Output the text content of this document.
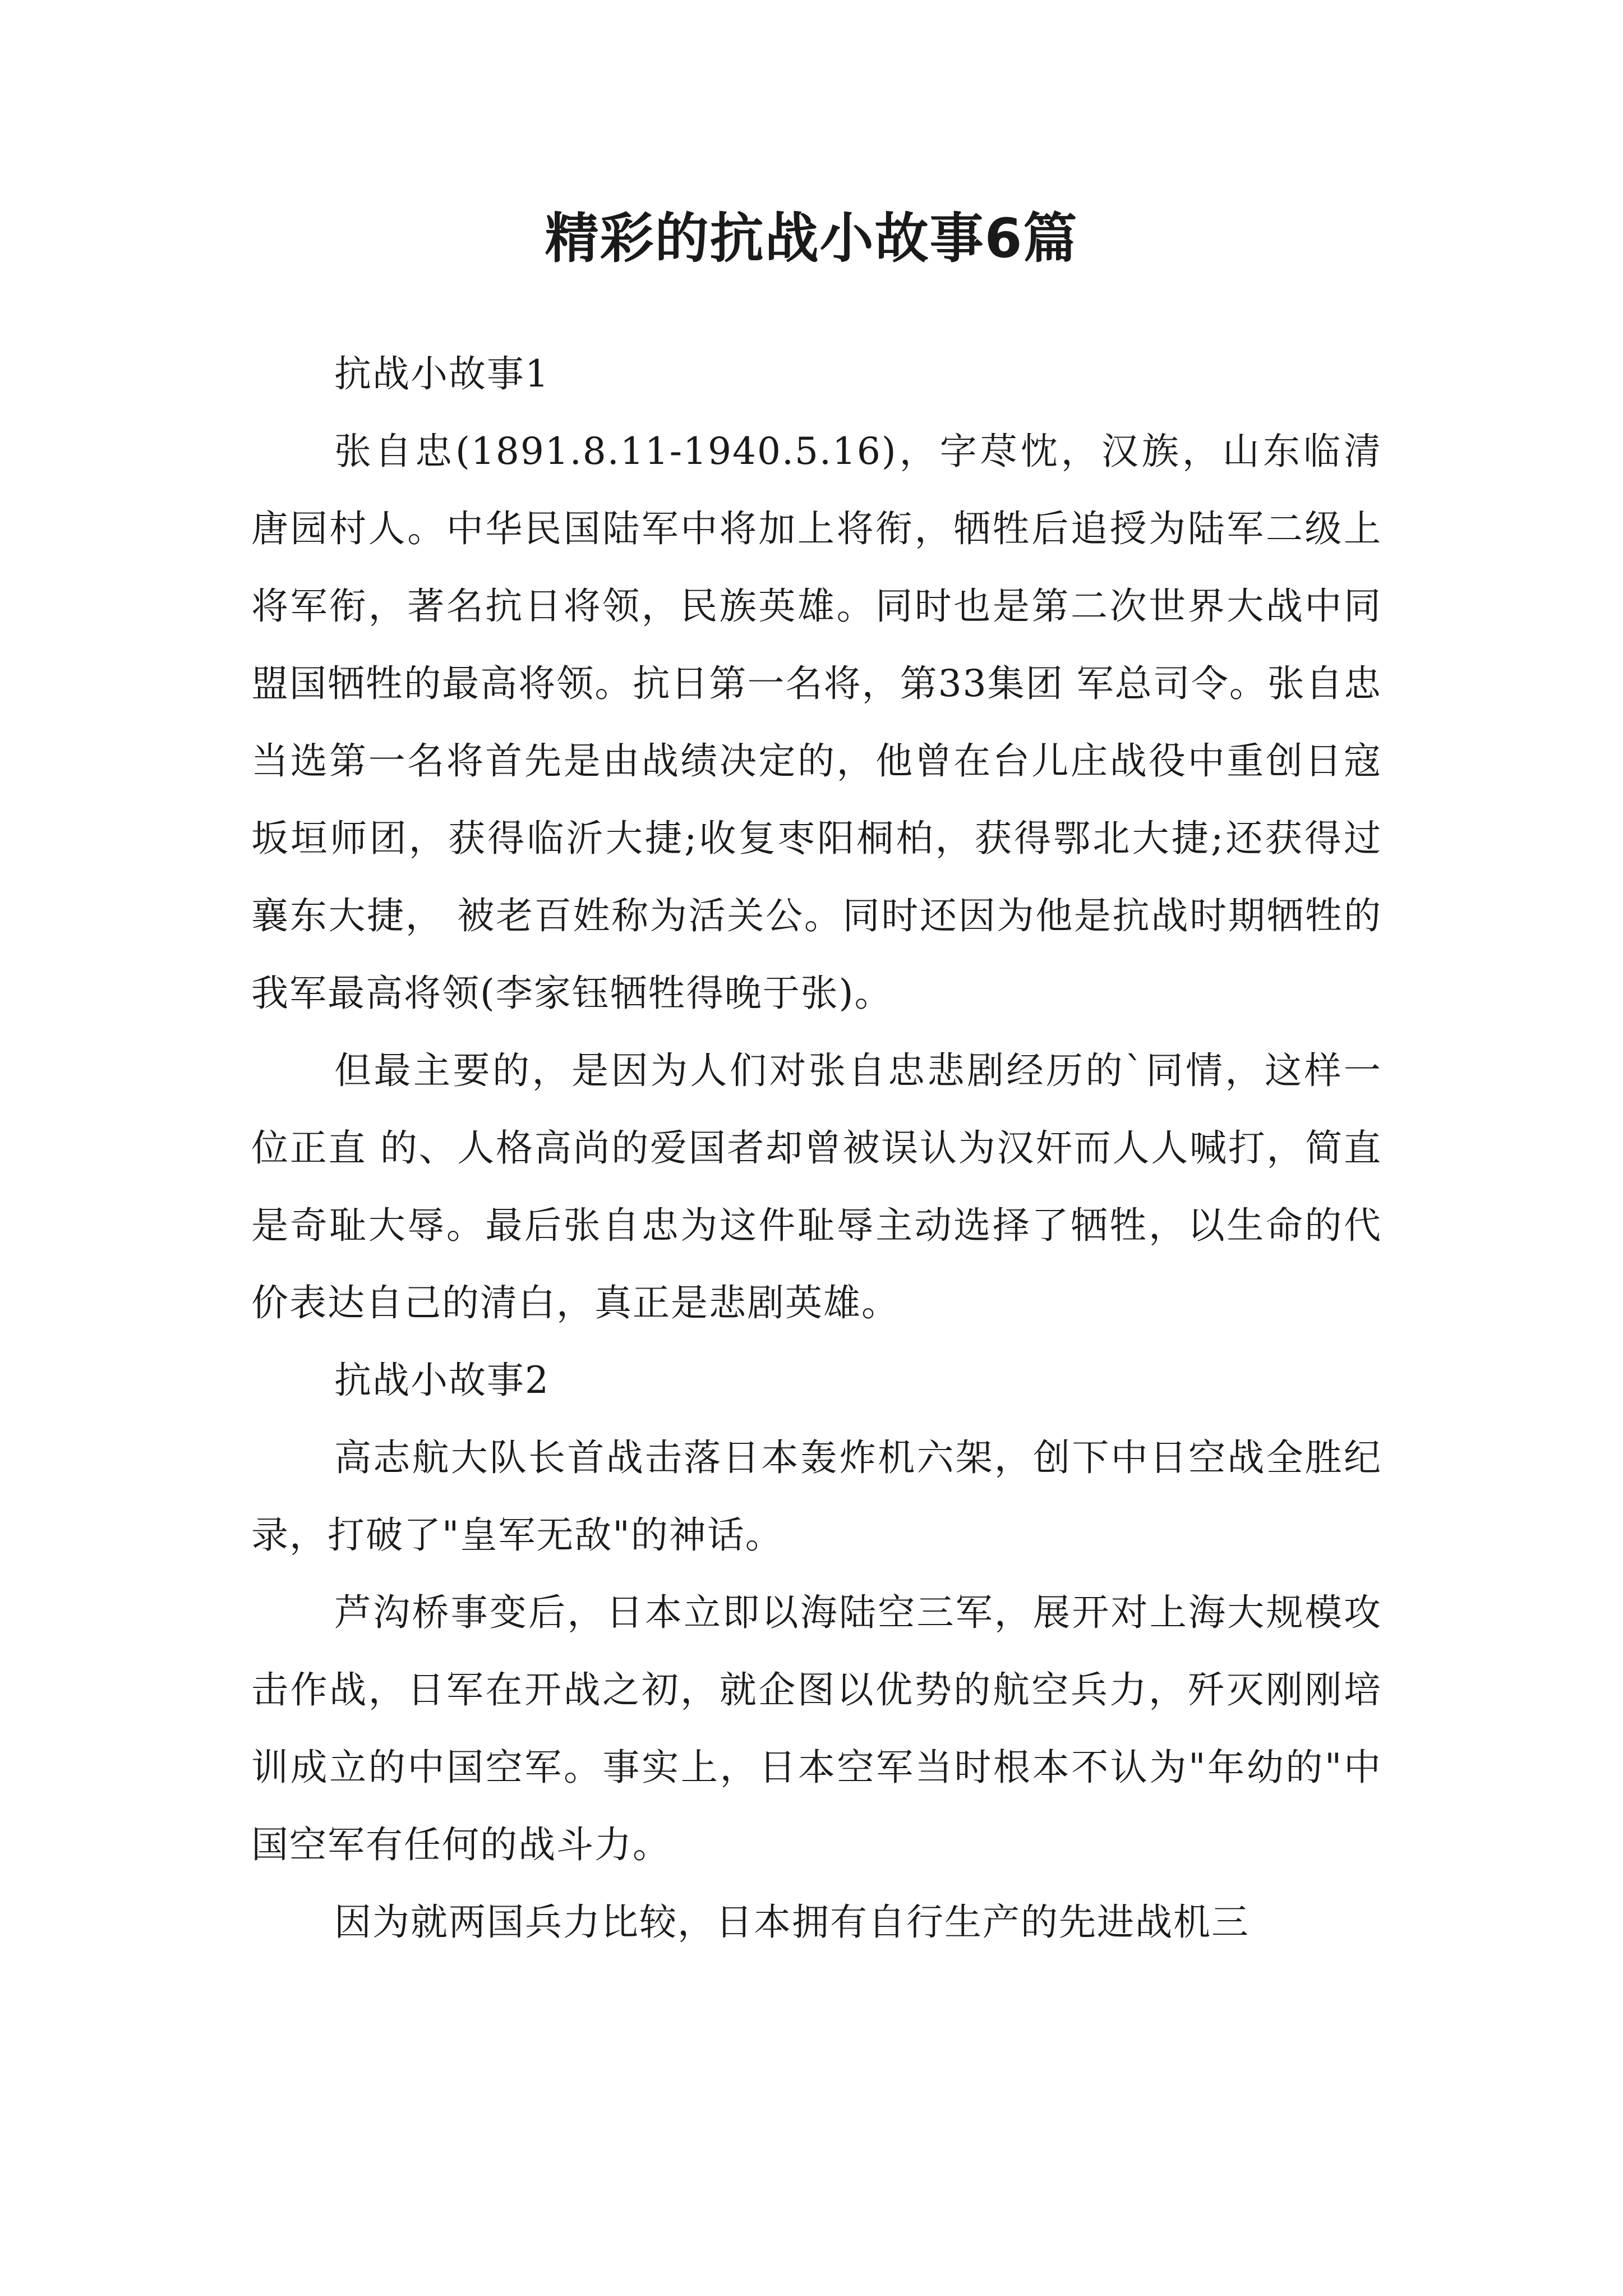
精彩的抗战小故事6篇

抗战小故事1

张自忠(1891.8.11-1940.5.16)，字荩忱，汉族，山东临清唐园村人。中华民国陆军中将加上将衔，牺牲后追授为陆军二级上将军衔，著名抗日将领，民族英雄。同时也是第二次世界大战中同盟国牺牲的最高将领。抗日第一名将，第33集团 军总司令。张自忠当选第一名将首先是由战绩决定的，他曾在台儿庄战役中重创日寇坂垣师团，获得临沂大捷;收复枣阳桐柏，获得鄂北大捷;还获得过襄东大捷， 被老百姓称为活关公。同时还因为他是抗战时期牺牲的我军最高将领(李家钰牺牲得晚于张)。

但最主要的，是因为人们对张自忠悲剧经历的`同情，这样一位正直 的、人格高尚的爱国者却曾被误认为汉奸而人人喊打，简直是奇耻大辱。最后张自忠为这件耻辱主动选择了牺牲，以生命的代价表达自己的清白，真正是悲剧英雄。

抗战小故事2

高志航大队长首战击落日本轰炸机六架，创下中日空战全胜纪录，打破了"皇军无敌"的神话。

芦沟桥事变后，日本立即以海陆空三军，展开对上海大规模攻击作战，日军在开战之初，就企图以优势的航空兵力，歼灭刚刚培训成立的中国空军。事实上，日本空军当时根本不认为"年幼的"中国空军有任何的战斗力。

因为就两国兵力比较，日本拥有自行生产的先进战机三
